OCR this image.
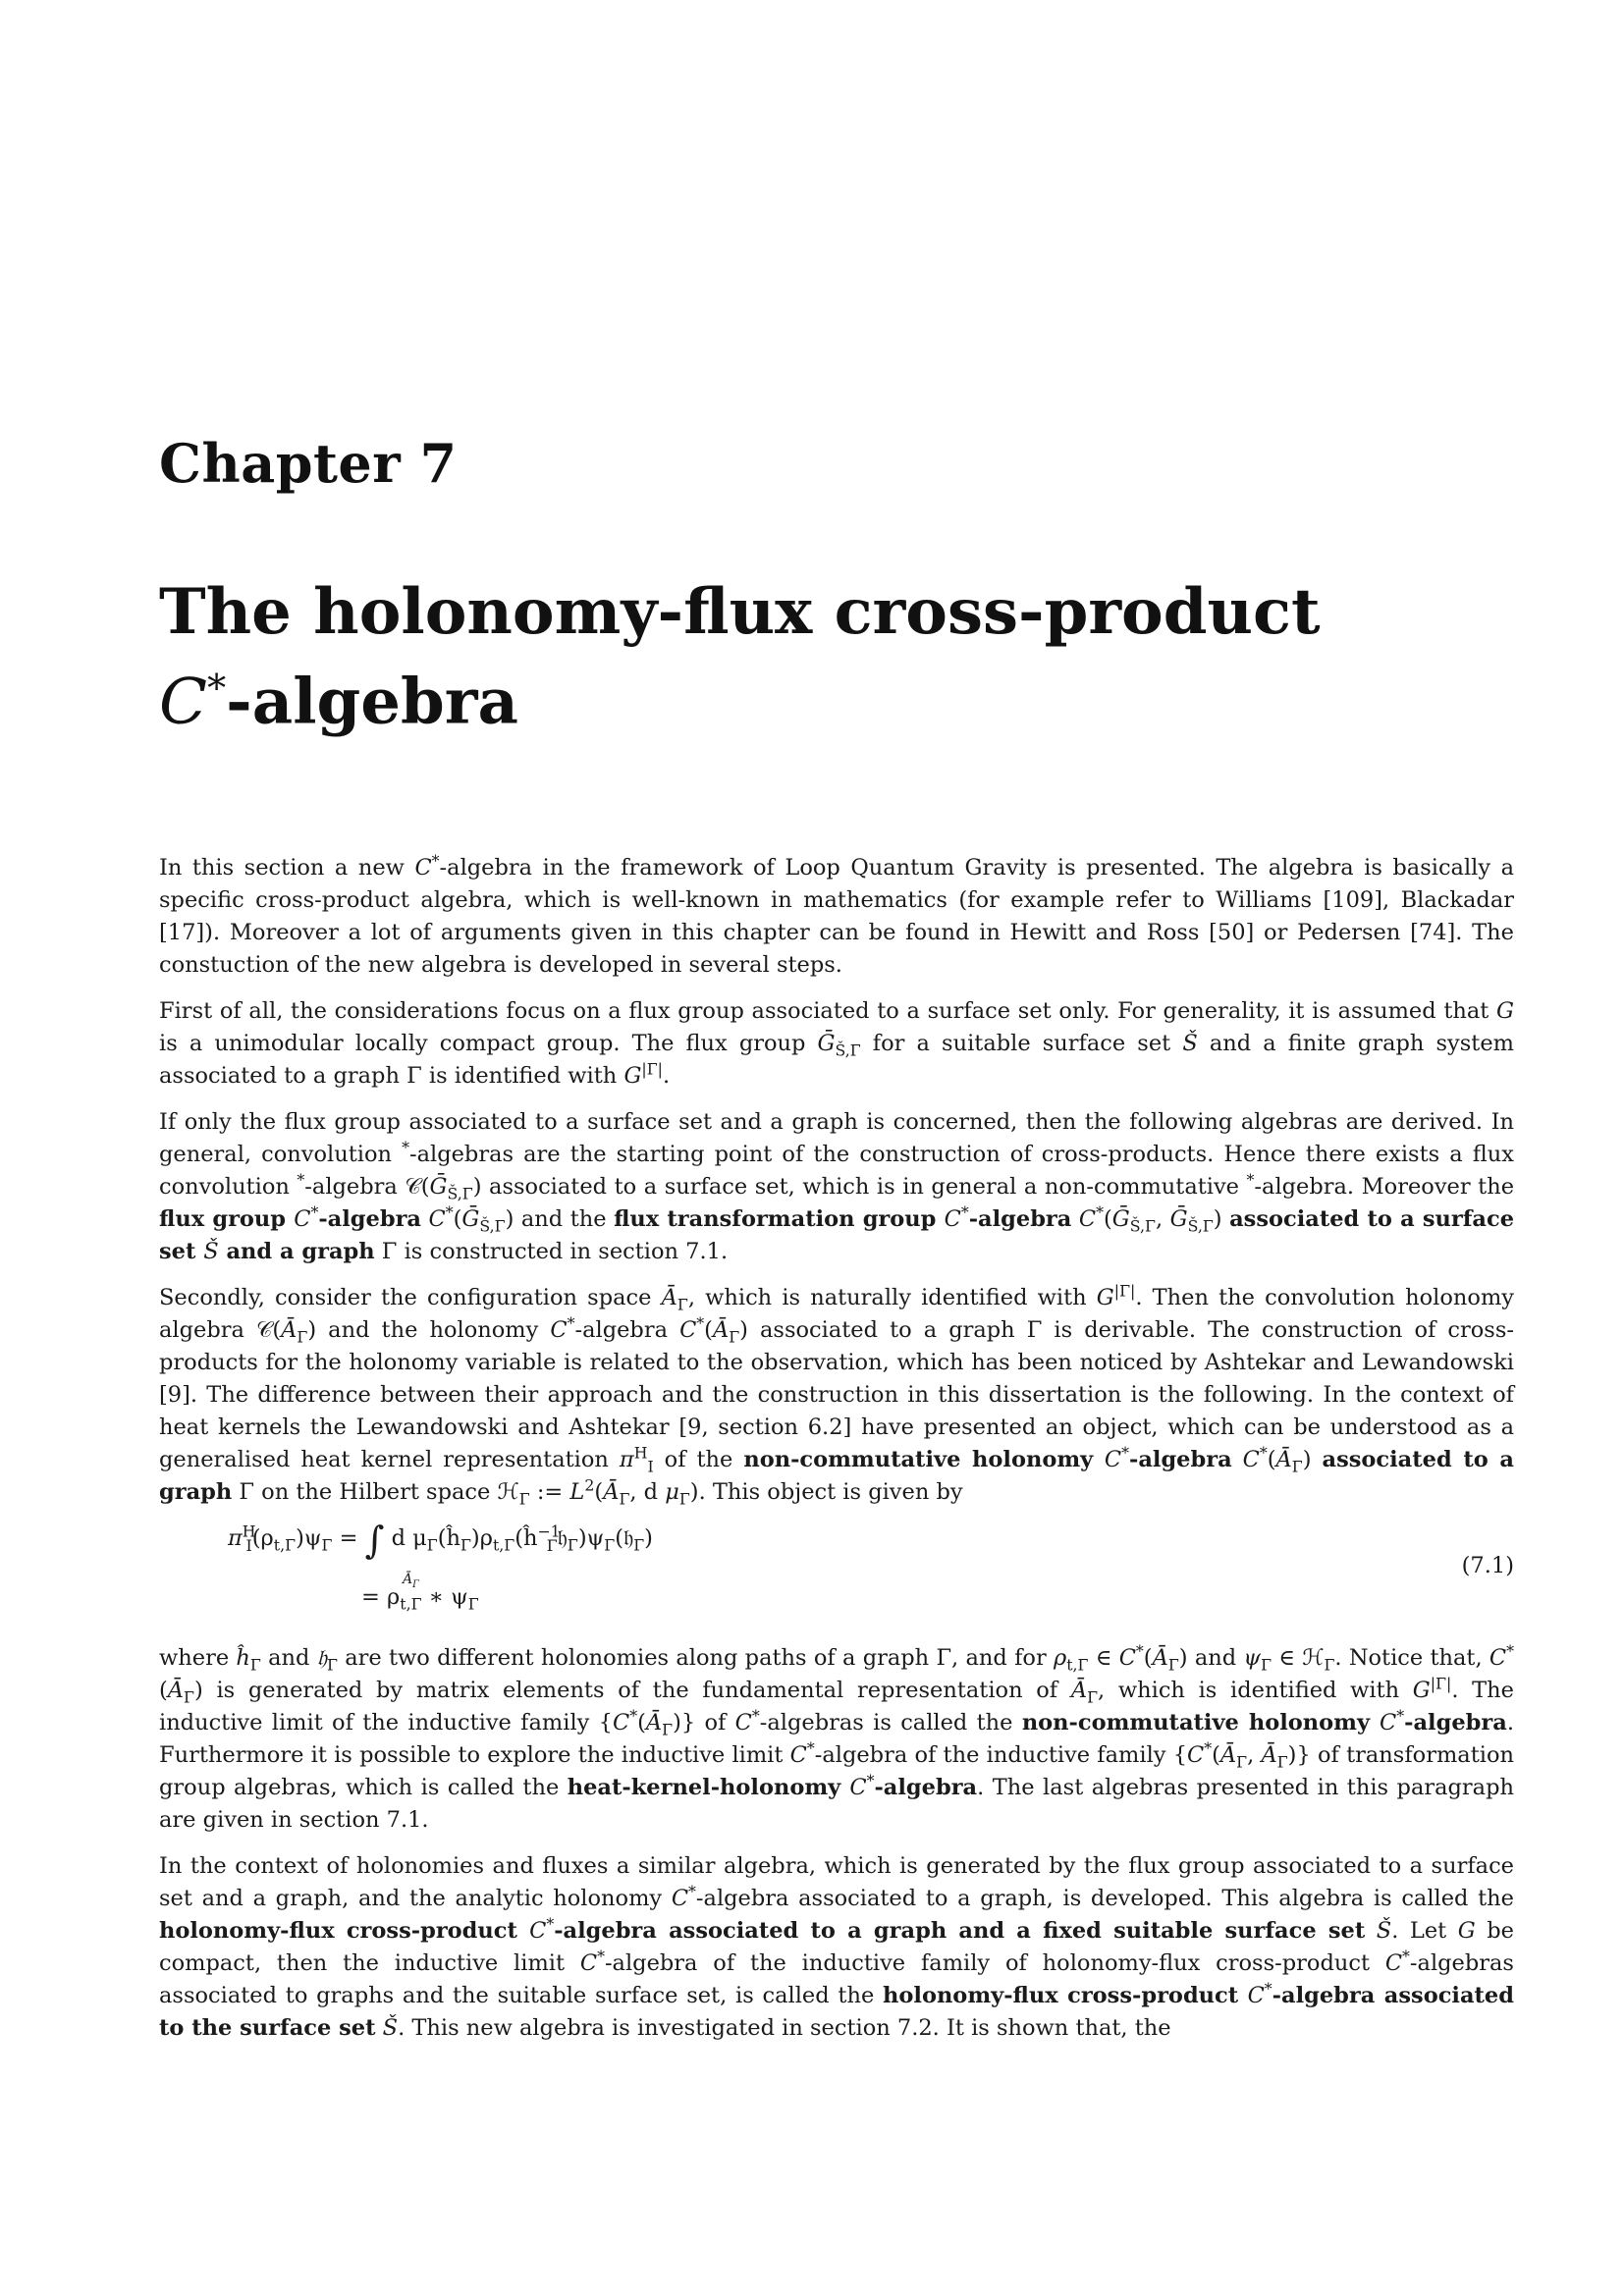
Chapter 7
The holonomy-flux cross-product
C*-algebra

In this section a new C*-algebra in the framework of Loop Quantum Gravity is presented. The algebra is basically a specific cross-product algebra, which is well-known in mathematics (for example refer to Williams [109], Blackadar [17]). Moreover a lot of arguments given in this chapter can be found in Hewitt and Ross [50] or Pedersen [74]. The constuction of the new algebra is developed in several steps.

First of all, the considerations focus on a flux group associated to a surface set only. For generality, it is assumed that G is a unimodular locally compact group. The flux group Ḡ$_{Š,\Gamma}$ for a suitable surface set Š and a finite graph system associated to a graph Γ is identified with $G^{|\Gamma|}$.

If only the flux group associated to a surface set and a graph is concerned, then the following algebras are derived. In general, convolution *-algebras are the starting point of the construction of cross-products. Hence there exists a flux convolution *-algebra 𝒞(Ḡ$_{Š,\Gamma}$) associated to a surface set, which is in general a non-commutative *-algebra. Moreover the flux group C*-algebra C*(Ḡ$_{Š,\Gamma}$) and the flux transformation group C*-algebra C*(Ḡ$_{Š,\Gamma}$, Ḡ$_{Š,\Gamma}$) associated to a surface set Š and a graph Γ is constructed in section 7.1.

Secondly, consider the configuration space $Ā_\Gamma$, which is naturally identified with $G^{|\Gamma|}$. Then the convolution holonomy algebra $𝒞(Ā_\Gamma)$ and the holonomy C*-algebra $C^*(Ā_\Gamma)$ associated to a graph Γ is derivable. The construction of cross-products for the holonomy variable is related to the observation, which has been noticed by Ashtekar and Lewandowski [9]. The difference between their approach and the construction in this dissertation is the following. In the context of heat kernels the Lewandowski and Ashtekar [9, section 6.2] have presented an object, which can be understood as a generalised heat kernel representation $\pi^H_I$ of the non-commutative holonomy C*-algebra $C^*(Ā_\Gamma)$ associated to a graph Γ on the Hilbert space ℋ$_\Gamma$ := $L^2(Ā_\Gamma$, d $\mu_\Gamma$). This object is given by

$\pi^H_I(\rho_{t,\Gamma})\psi_\Gamma$ = ∫ d $\mu_\Gamma(ĥ_\Gamma)\rho_{t,\Gamma}(ĥ^{-1}_\Gamma 𝔥_\Gamma)\psi_\Gamma(𝔥_\Gamma)$
$Ā_\Gamma$
= $\rho_{t,\Gamma}$ ∗ $\psi_\Gamma$
(7.1)

where $ĥ_\Gamma$ and 𝔥$_\Gamma$ are two different holonomies along paths of a graph Γ, and for $\rho_{t,\Gamma}$ ∈ $C^*(Ā_\Gamma)$ and $\psi_\Gamma$ ∈ ℋ$_\Gamma$. Notice that, $C^*(Ā_\Gamma)$ is generated by matrix elements of the fundamental representation of $Ā_\Gamma$, which is identified with $G^{|\Gamma|}$. The inductive limit of the inductive family $\{C^*(Ā_\Gamma)\}$ of C*-algebras is called the non-commutative holonomy C*-algebra. Furthermore it is possible to explore the inductive limit C*-algebra of the inductive family {$C^*(Ā_\Gamma$, $Ā_\Gamma$)} of transformation group algebras, which is called the heat-kernel-holonomy C*-algebra. The last algebras presented in this paragraph are given in section 7.1.

In the context of holonomies and fluxes a similar algebra, which is generated by the flux group associated to a surface set and a graph, and the analytic holonomy C*-algebra associated to a graph, is developed. This algebra is called the holonomy-flux cross-product C*-algebra associated to a graph and a fixed suitable surface set Š. Let G be compact, then the inductive limit C*-algebra of the inductive family of holonomy-flux cross-product C*-algebras associated to graphs and the suitable surface set, is called the holonomy-flux cross-product C*-algebra associated to the surface set Š. This new algebra is investigated in section 7.2. It is shown that, the
